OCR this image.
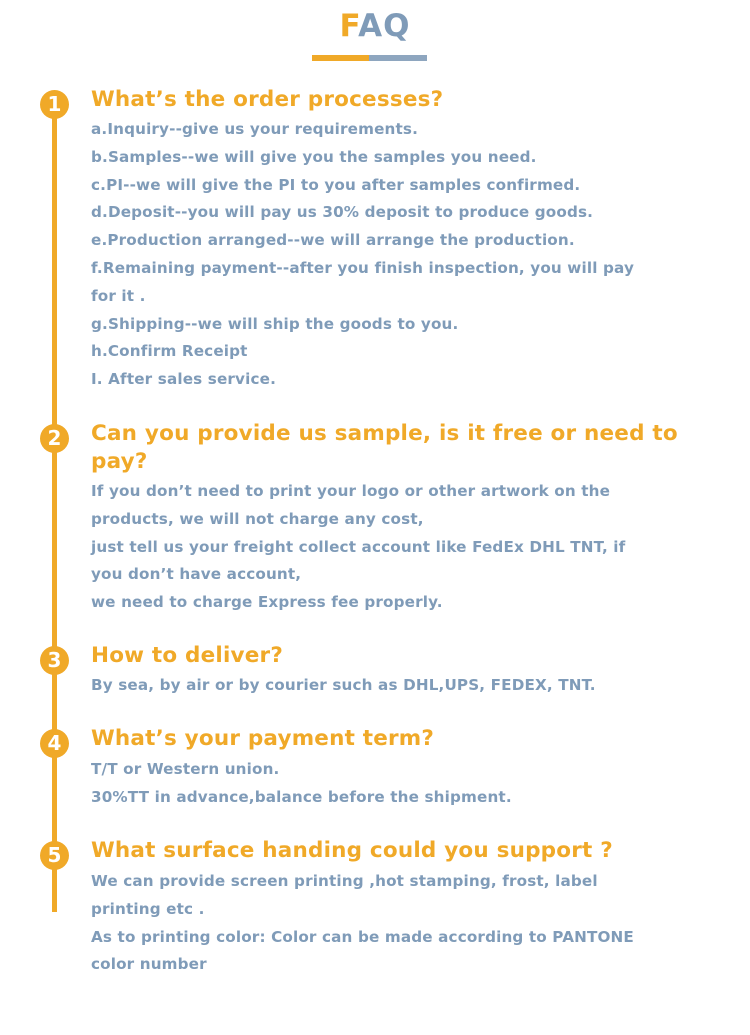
FAQ
1	What’s the order processes?
a.Inquiry--give us your requirements.
b.Samples--we will give you the samples you need.
c.PI--we will give the PI to you after samples confirmed.
d.Deposit--you will pay us 30% deposit to produce goods.
e.Production arranged--we will arrange the production.
f.Remaining payment--after you finish inspection, you will pay
for it .
g.Shipping--we will ship the goods to you.
h.Confirm Receipt
I. After sales service.
2	Can you provide us sample, is it free or need to pay?
If you don’t need to print your logo or other artwork on the
products, we will not charge any cost,
just tell us your freight collect account like FedEx DHL TNT, if
you don’t have account,
we need to charge Express fee properly.
3	How to deliver?
By sea, by air or by courier such as DHL,UPS, FEDEX, TNT.
4	What’s your payment term?
T/T or Western union.
30%TT in advance,balance before the shipment.
5	What surface handing could you support ?
We can provide screen printing ,hot stamping, frost, label
printing etc .
As to printing color: Color can be made according to PANTONE
color number
